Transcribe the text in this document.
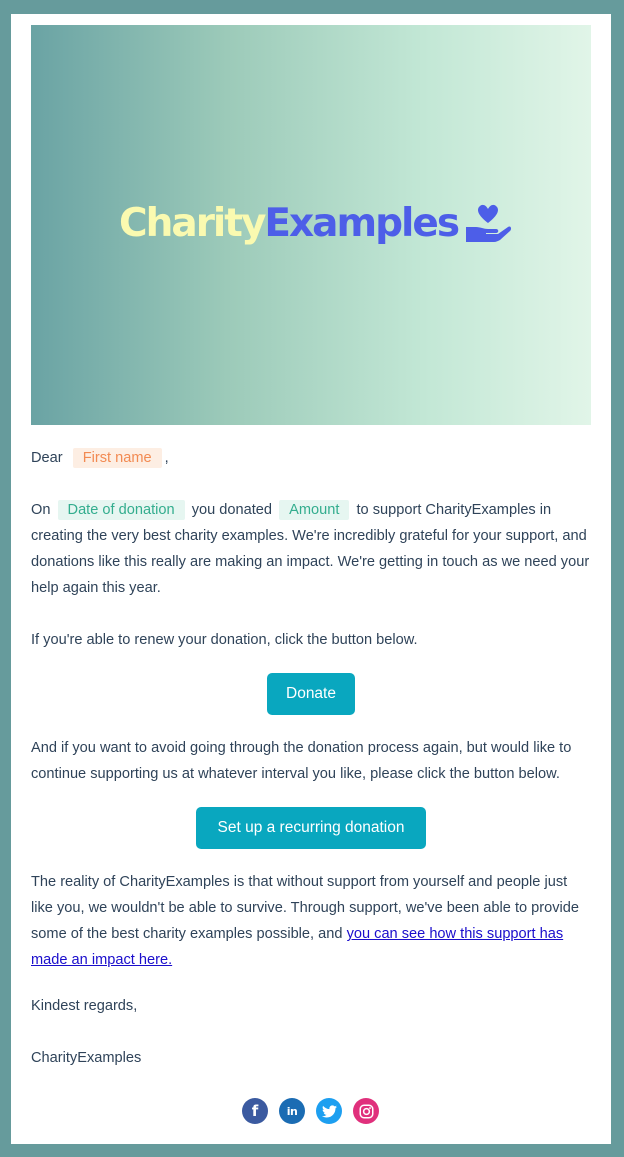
Charity Examples
Dear First name ,
On Date of donation you donated Amount to support CharityExamples in creating the very best charity examples. We're incredibly grateful for your support, and donations like this really are making an impact. We're getting in touch as we need your help again this year.
If you're able to renew your donation, click the button below.
Donate
And if you want to avoid going through the donation process again, but would like to continue supporting us at whatever interval you like, please click the button below.
Set up a recurring donation
The reality of CharityExamples is that without support from yourself and people just like you, we wouldn't be able to survive. Through support, we've been able to provide some of the best charity examples possible, and you can see how this support has made an impact here.
Kindest regards,
CharityExamples
f	in
